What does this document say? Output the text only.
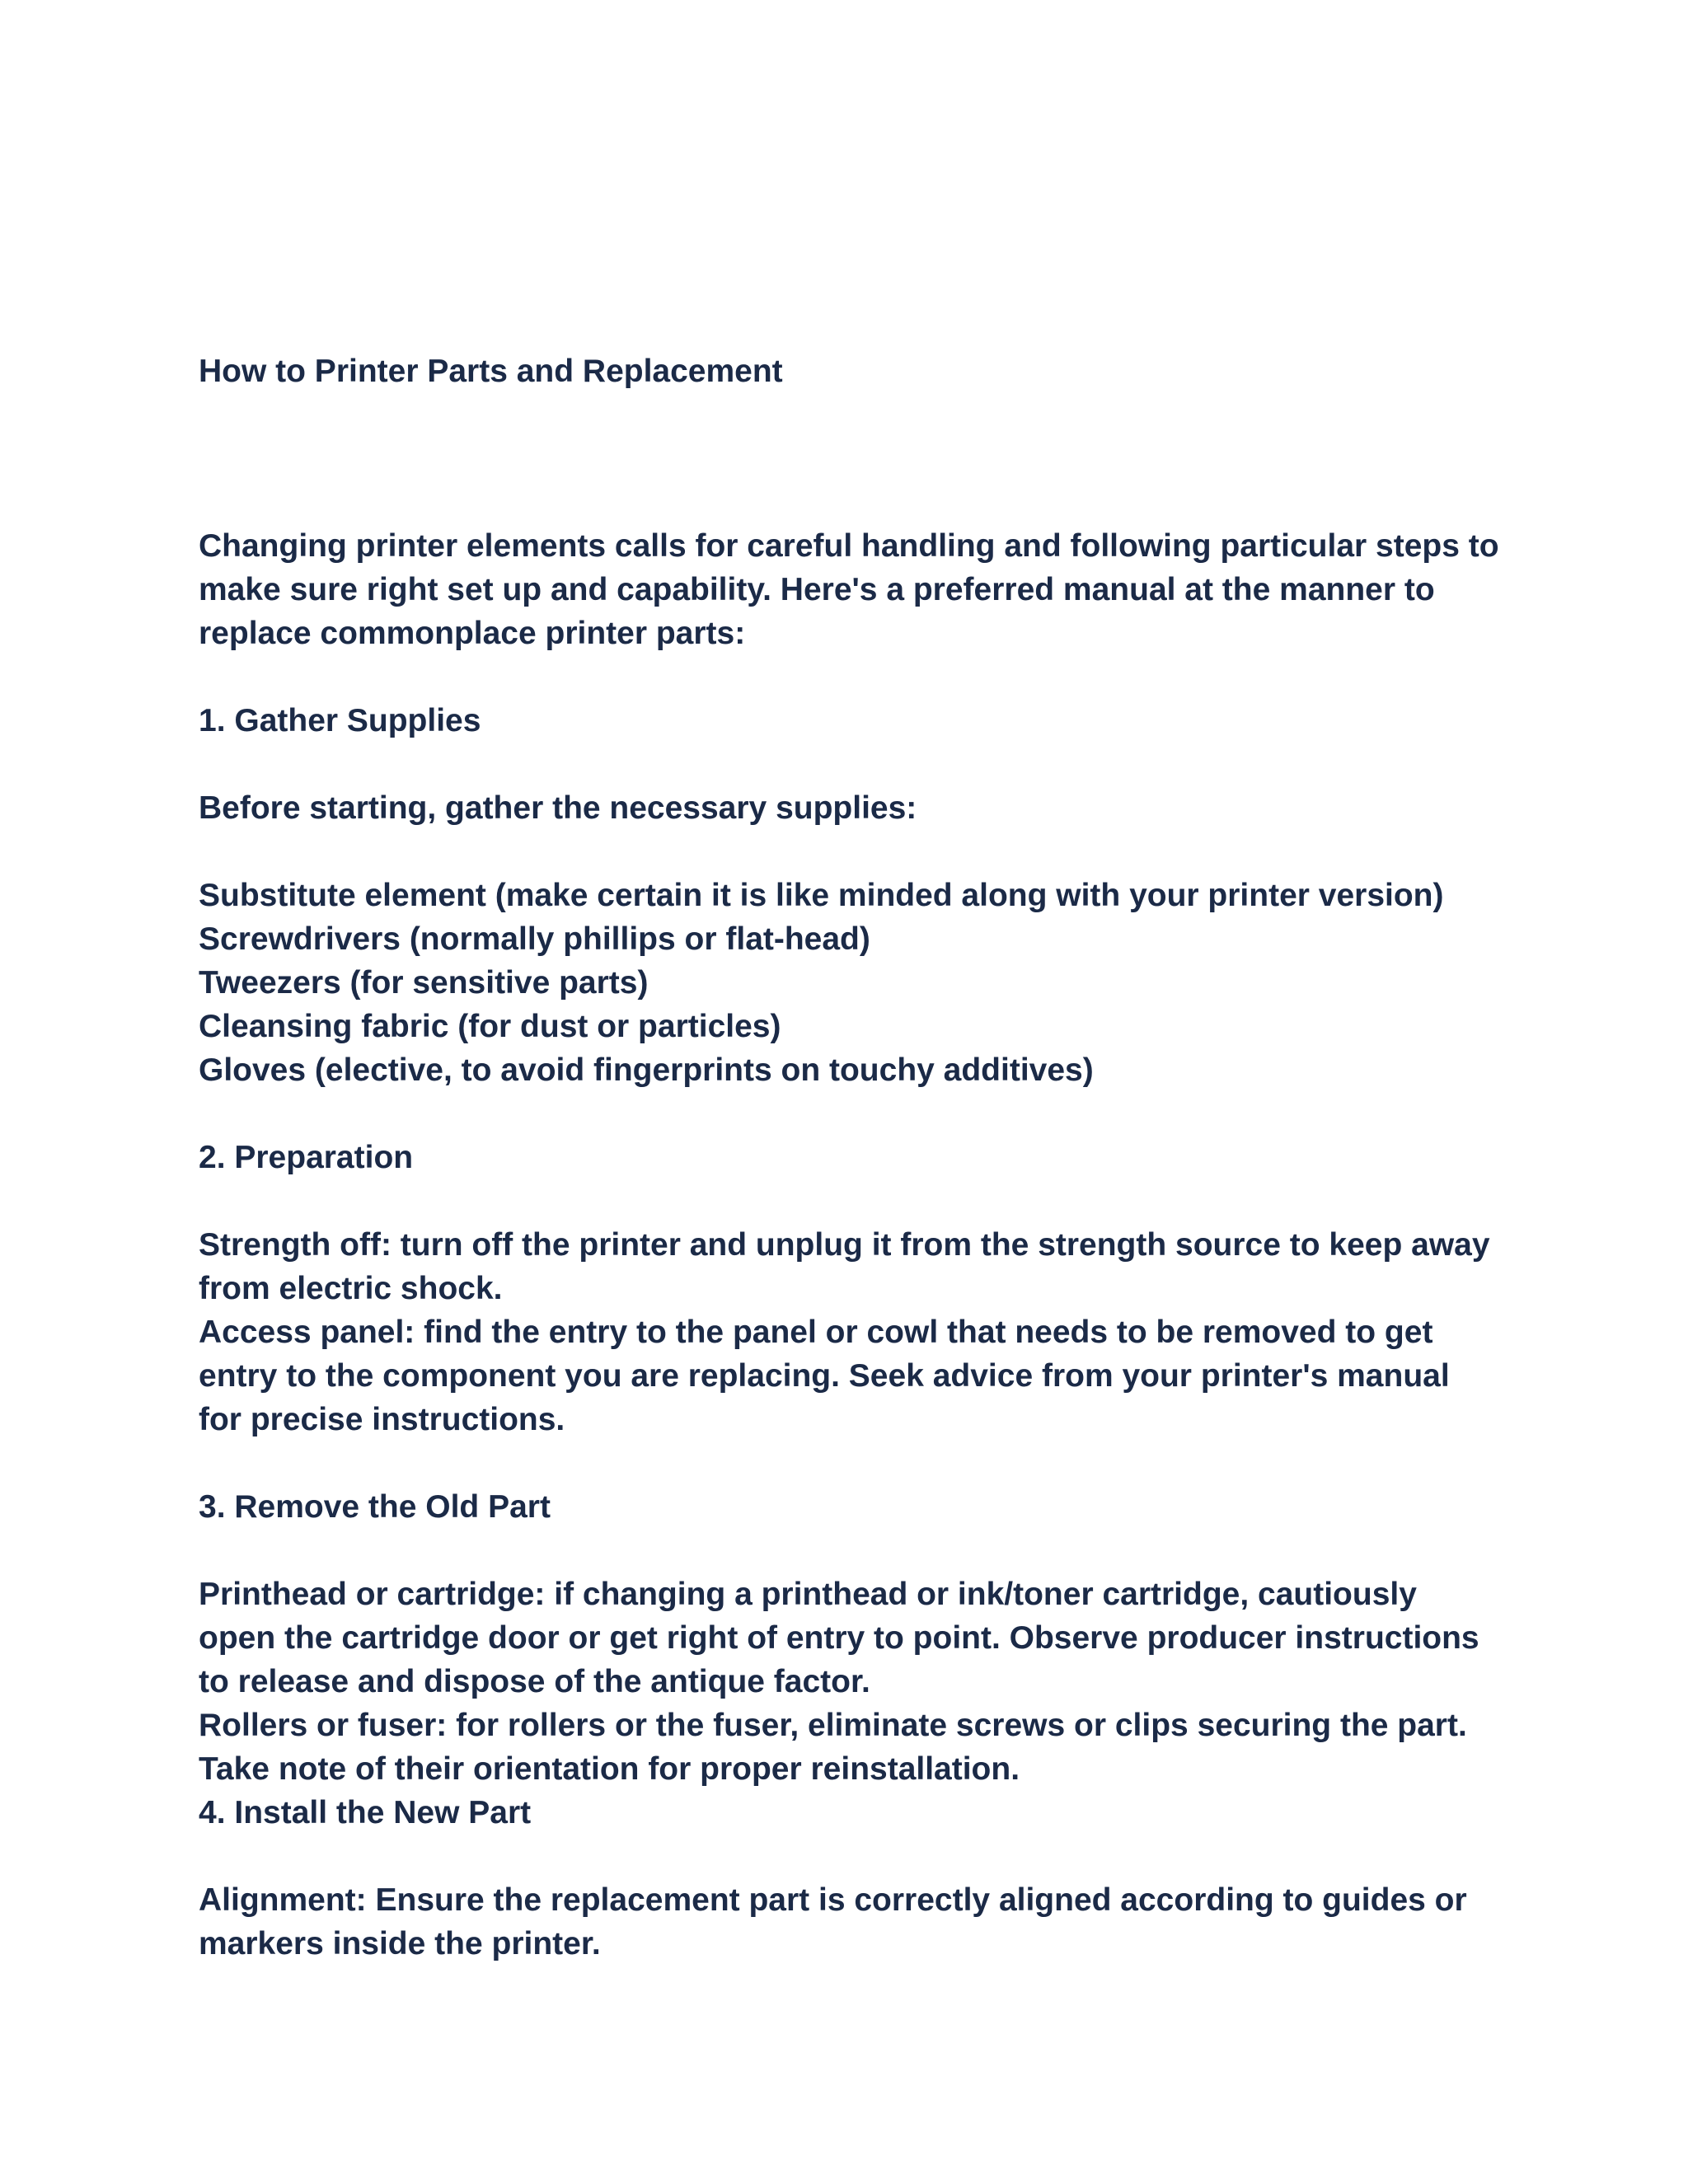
How to Printer Parts and Replacement

Changing printer elements calls for careful handling and following particular steps to make sure right set up and capability. Here's a preferred manual at the manner to replace commonplace printer parts:

1. Gather Supplies

Before starting, gather the necessary supplies:

Substitute element (make certain it is like minded along with your printer version)

Screwdrivers (normally phillips or flat-head)

Tweezers (for sensitive parts)

Cleansing fabric (for dust or particles)

Gloves (elective, to avoid fingerprints on touchy additives)

2. Preparation

Strength off: turn off the printer and unplug it from the strength source to keep away from electric shock.

Access panel: find the entry to the panel or cowl that needs to be removed to get entry to the component you are replacing. Seek advice from your printer's manual for precise instructions.

3. Remove the Old Part

Printhead or cartridge: if changing a printhead or ink/toner cartridge, cautiously open the cartridge door or get right of entry to point. Observe producer instructions to release and dispose of the antique factor.

Rollers or fuser: for rollers or the fuser, eliminate screws or clips securing the part. Take note of their orientation for proper reinstallation.

4. Install the New Part

Alignment: Ensure the replacement part is correctly aligned according to guides or markers inside the printer.
